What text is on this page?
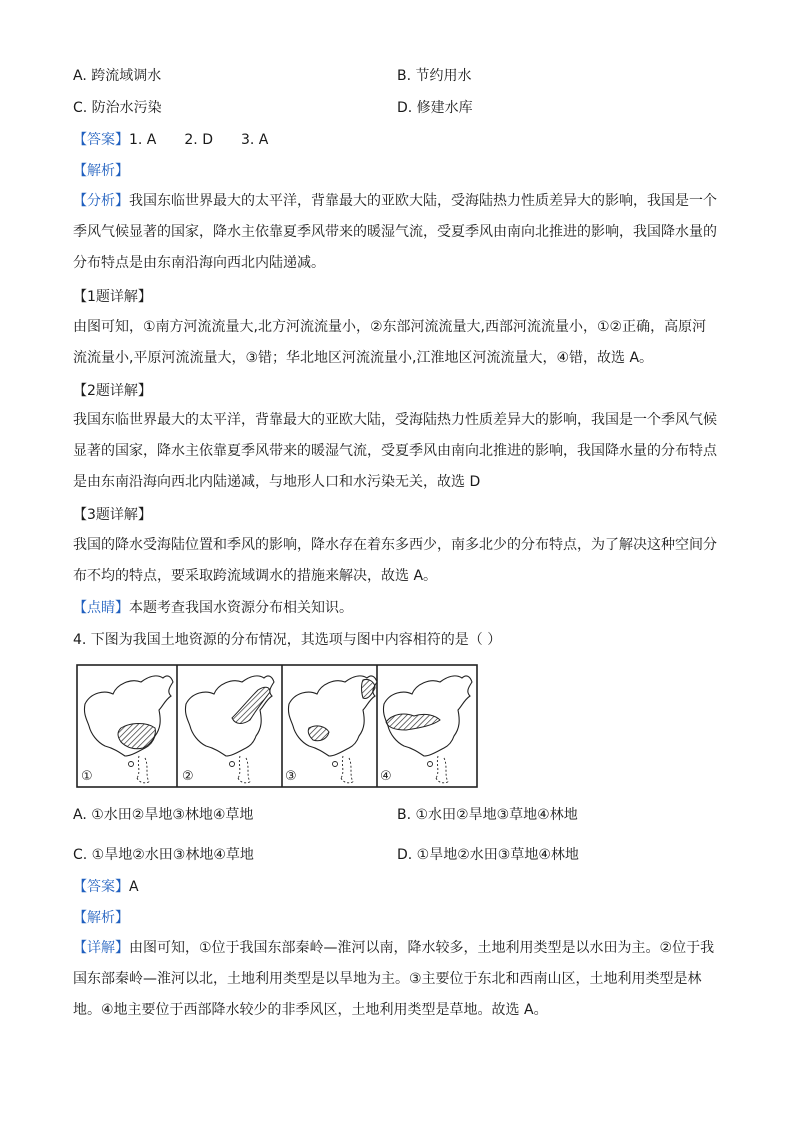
A. 跨流域调水	B. 节约用水
C. 防治水污染	D. 修建水库
【答案】1. A 2. D 3. A
【解析】
【分析】我国东临世界最大的太平洋，背靠最大的亚欧大陆，受海陆热力性质差异大的影响，我国是一个
季风气候显著的国家，降水主依靠夏季风带来的暖湿气流，受夏季风由南向北推进的影响，我国降水量的
分布特点是由东南沿海向西北内陆递减。
【1题详解】
由图可知，①南方河流流量大,北方河流流量小，②东部河流流量大,西部河流流量小，①②正确，高原河
流流量小,平原河流流量大，③错；华北地区河流流量小,江淮地区河流流量大，④错，故选 A。
【2题详解】
我国东临世界最大的太平洋，背靠最大的亚欧大陆，受海陆热力性质差异大的影响，我国是一个季风气候
显著的国家，降水主依靠夏季风带来的暖湿气流，受夏季风由南向北推进的影响，我国降水量的分布特点
是由东南沿海向西北内陆递减，与地形人口和水污染无关，故选 D
【3题详解】
我国的降水受海陆位置和季风的影响，降水存在着东多西少，南多北少的分布特点，为了解决这种空间分
布不均的特点，要采取跨流域调水的措施来解决，故选 A。
【点睛】本题考查我国水资源分布相关知识。
4. 下图为我国土地资源的分布情况，其选项与图中内容相符的是（ ）
①	②	③	④
A. ①水田②旱地③林地④草地	B. ①水田②旱地③草地④林地
C. ①旱地②水田③林地④草地	D. ①旱地②水田③草地④林地
【答案】A
【解析】
【详解】由图可知，①位于我国东部秦岭—淮河以南，降水较多，土地利用类型是以水田为主。②位于我
国东部秦岭—淮河以北，土地利用类型是以旱地为主。③主要位于东北和西南山区，土地利用类型是林
地。④地主要位于西部降水较少的非季风区，土地利用类型是草地。故选 A。
